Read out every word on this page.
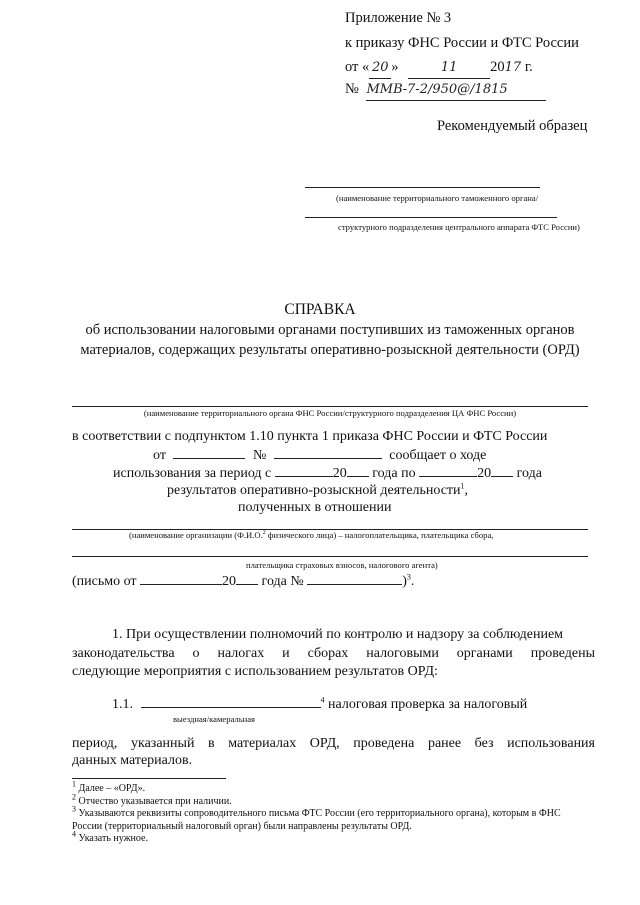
Приложение № 3
к приказу ФНС России и ФТС России
от « 20 »	11 2017 г.
№ ММВ-7-2/950@/1815
Рекомендуемый образец
(наименование территориального таможенного органа/
структурного подразделения центрального аппарата ФТС России)
СПРАВКА
об использовании налоговыми органами поступивших из таможенных органов
материалов, содержащих результаты оперативно-розыскной деятельности (ОРД)
(наименование территориального органа ФНС России/структурного подразделения ЦА ФНС России)
в соответствии с подпунктом 1.10 пункта 1 приказа ФНС России и ФТС России
от	№	сообщает о ходе
использования за период с	20 года по	20 года
результатов оперативно-розыскной деятельности$^1$,
полученных в отношении
(наименование организации (Ф.И.О.$^2$ физического лица) – налогоплательщика, плательщика сбора,
плательщика страховых взносов, налогового агента)
(письмо от	20 года №	)$^3$.
1. При осуществлении полномочий по контролю и надзору за соблюдением
законодательства о налогах и сборах налоговыми органами проведены
следующие мероприятия с использованием результатов ОРД:
1.1.	$^4$ налоговая проверка за налоговый
выездная/камеральная
период, указанный в материалах ОРД, проведена ранее без использования
данных материалов.
$^1$ Далее – «ОРД».
$^2$ Отчество указывается при наличии.
$^3$ Указываются реквизиты сопроводительного письма ФТС России (его территориального органа), которым в ФНС России (территориальный налоговый орган) были направлены результаты ОРД.
$^4$ Указать нужное.
